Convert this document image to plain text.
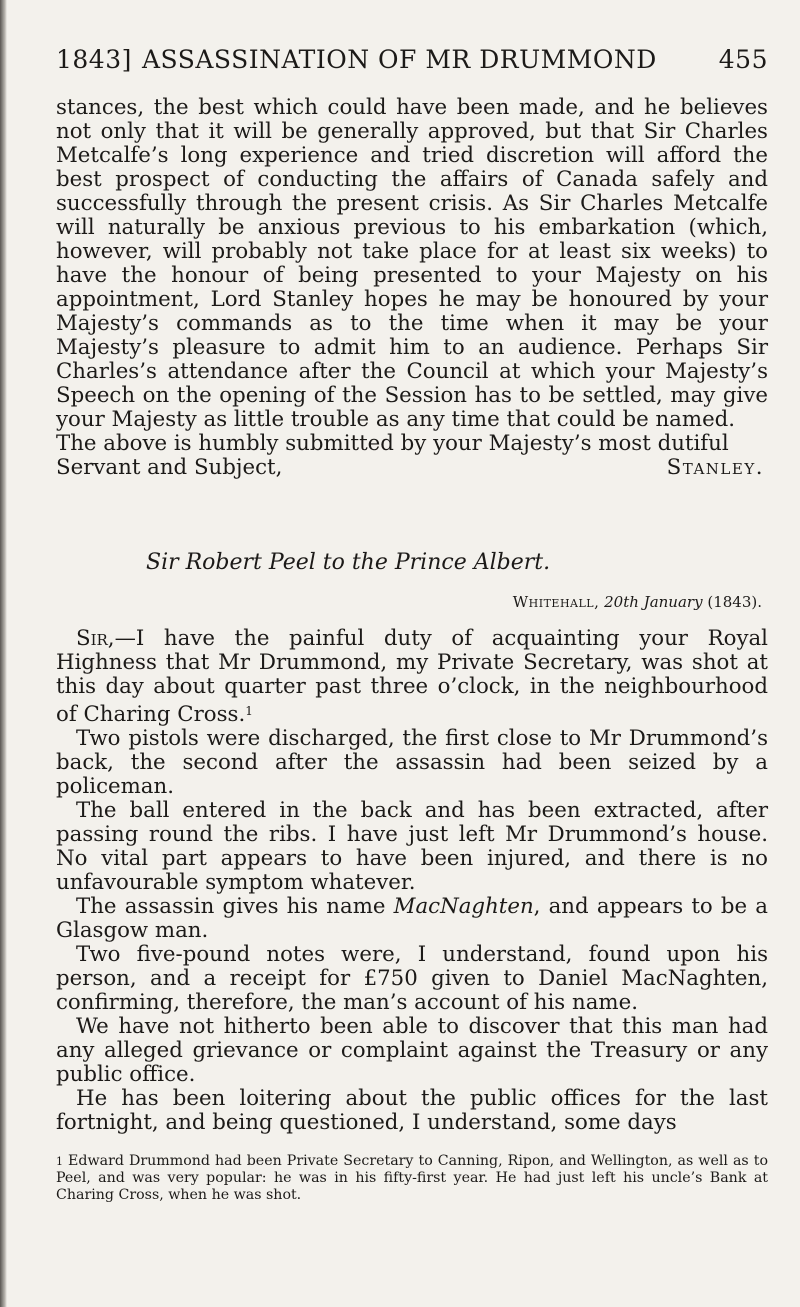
1843] ASSASSINATION OF MR DRUMMOND 455

stances, the best which could have been made, and he believes not only that it will be generally approved, but that Sir Charles Metcalfe’s long experience and tried discretion will afford the best prospect of conducting the affairs of Canada safely and successfully through the present crisis. As Sir Charles Metcalfe will naturally be anxious previous to his embarkation (which, however, will probably not take place for at least six weeks) to have the honour of being presented to your Majesty on his appointment, Lord Stanley hopes he may be honoured by your Majesty’s commands as to the time when it may be your Majesty’s pleasure to admit him to an audience. Perhaps Sir Charles’s attendance after the Council at which your Majesty’s Speech on the opening of the Session has to be settled, may give your Majesty as little trouble as any time that could be named.

The above is humbly submitted by your Majesty’s most dutiful Servant and Subject,	Stanley.
Sir Robert Peel to the Prince Albert.
Whitehall, 20th January (1843).

Sir,—I have the painful duty of acquainting your Royal Highness that Mr Drummond, my Private Secretary, was shot at this day about quarter past three o’clock, in the neighbourhood of Charing Cross.$^1$

Two pistols were discharged, the first close to Mr Drummond’s back, the second after the assassin had been seized by a policeman.

The ball entered in the back and has been extracted, after passing round the ribs. I have just left Mr Drummond’s house. No vital part appears to have been injured, and there is no unfavourable symptom whatever.

The assassin gives his name MacNaghten, and appears to be a Glasgow man.

Two five-pound notes were, I understand, found upon his person, and a receipt for £750 given to Daniel MacNaghten, confirming, therefore, the man’s account of his name.

We have not hitherto been able to discover that this man had any alleged grievance or complaint against the Treasury or any public office.

He has been loitering about the public offices for the last fortnight, and being questioned, I understand, some days

1 Edward Drummond had been Private Secretary to Canning, Ripon, and Wellington, as well as to Peel, and was very popular: he was in his fifty-first year. He had just left his uncle’s Bank at Charing Cross, when he was shot.
